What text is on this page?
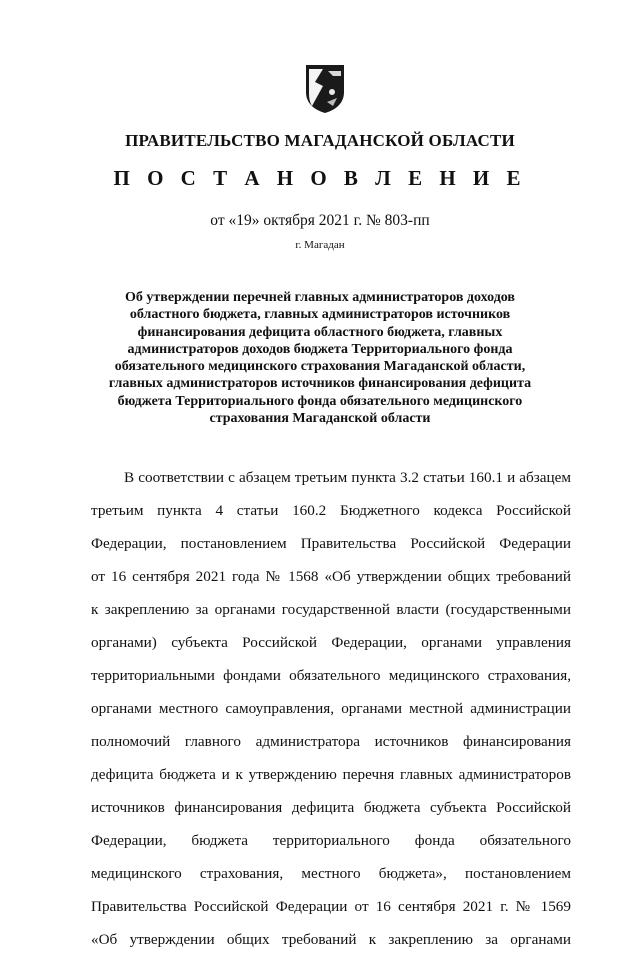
ПРАВИТЕЛЬСТВО МАГАДАНСКОЙ ОБЛАСТИ
П О С Т А Н О В Л Е Н И Е
от «19» октября 2021 г. № 803-пп
г. Магадан
Об утверждении перечней главных администраторов доходов
областного бюджета, главных администраторов источников
финансирования дефицита областного бюджета, главных
администраторов доходов бюджета Территориального фонда
обязательного медицинского страхования Магаданской области,
главных администраторов источников финансирования дефицита
бюджета Территориального фонда обязательного медицинского
страхования Магаданской области
В соответствии с абзацем третьим пункта 3.2 статьи 160.1 и абзацем
третьим пункта 4 статьи 160.2 Бюджетного кодекса Российской
Федерации, постановлением Правительства Российской Федерации
от 16 сентября 2021 года № 1568 «Об утверждении общих требований
к закреплению за органами государственной власти (государственными
органами) субъекта Российской Федерации, органами управления
территориальными фондами обязательного медицинского страхования,
органами местного самоуправления, органами местной администрации
полномочий главного администратора источников финансирования
дефицита бюджета и к утверждению перечня главных администраторов
источников финансирования дефицита бюджета субъекта Российской
Федерации, бюджета территориального фонда обязательного
медицинского страхования, местного бюджета», постановлением
Правительства Российской Федерации от 16 сентября 2021 г. № 1569
«Об утверждении общих требований к закреплению за органами
